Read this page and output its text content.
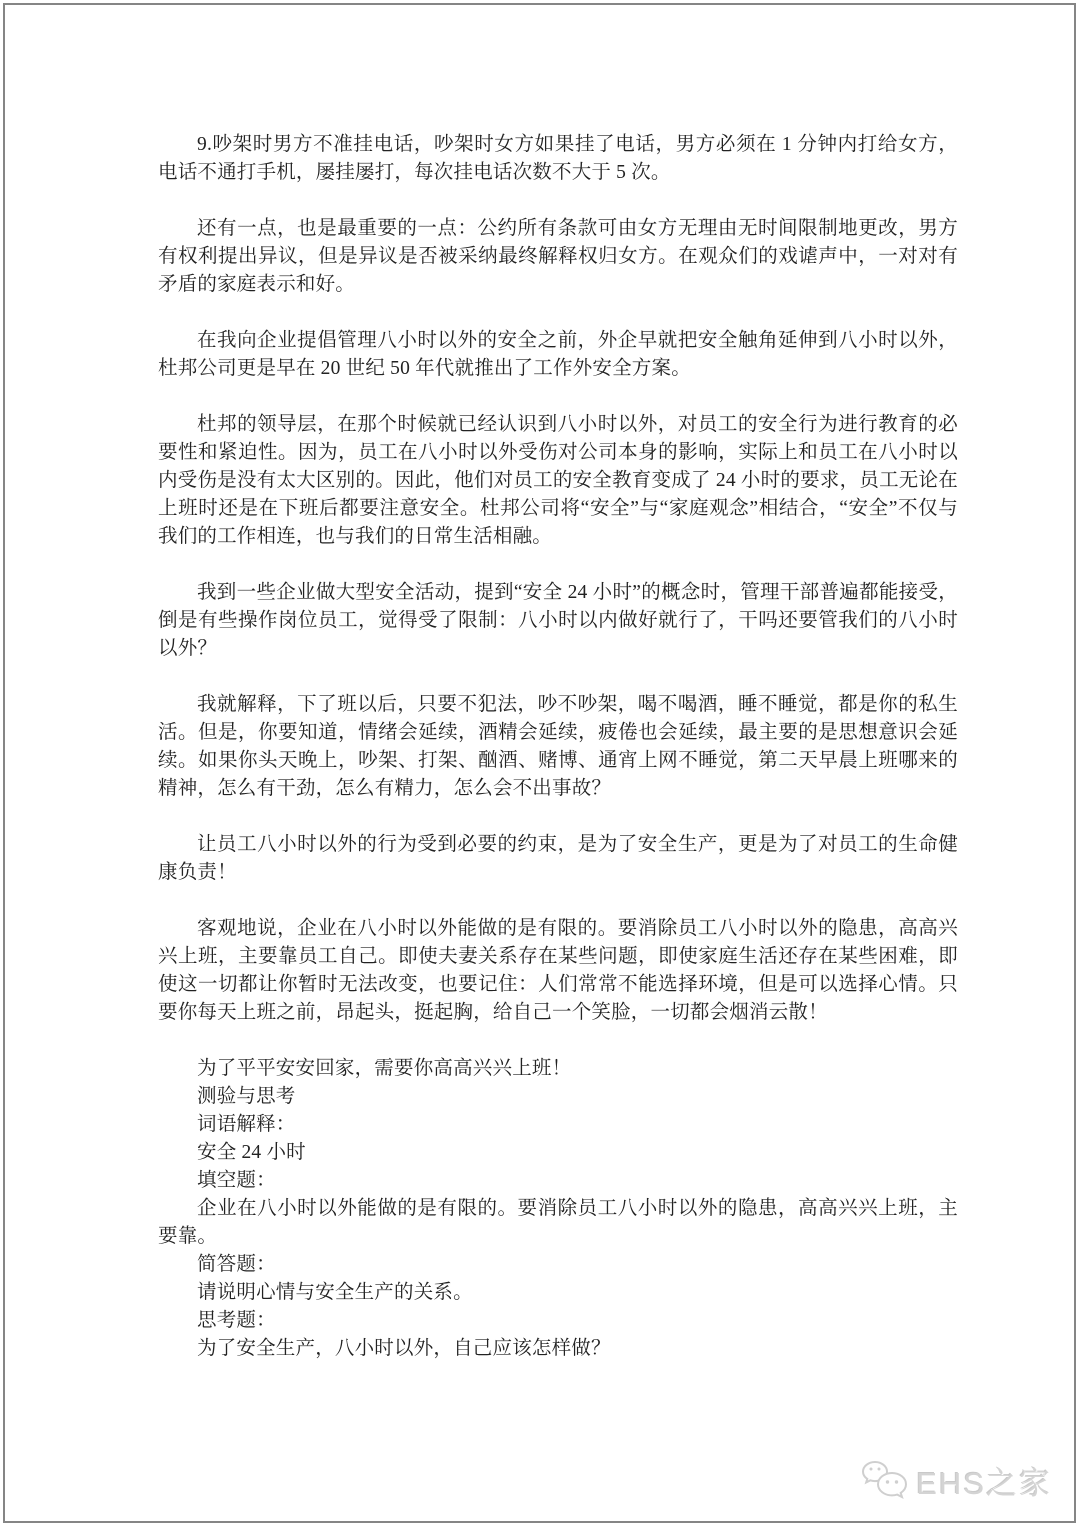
9.吵架时男方不准挂电话，吵架时女方如果挂了电话，男方必须在 1 分钟内打给女方，电话不通打手机，屡挂屡打，每次挂电话次数不大于 5 次。

还有一点，也是最重要的一点：公约所有条款可由女方无理由无时间限制地更改，男方有权利提出异议，但是异议是否被采纳最终解释权归女方。在观众们的戏谑声中，一对对有矛盾的家庭表示和好。

在我向企业提倡管理八小时以外的安全之前，外企早就把安全触角延伸到八小时以外，杜邦公司更是早在 20 世纪 50 年代就推出了工作外安全方案。

杜邦的领导层，在那个时候就已经认识到八小时以外，对员工的安全行为进行教育的必要性和紧迫性。因为，员工在八小时以外受伤对公司本身的影响，实际上和员工在八小时以内受伤是没有太大区别的。因此，他们对员工的安全教育变成了 24 小时的要求，员工无论在上班时还是在下班后都要注意安全。杜邦公司将“安全”与“家庭观念”相结合，“安全”不仅与我们的工作相连，也与我们的日常生活相融。

我到一些企业做大型安全活动，提到“安全 24 小时”的概念时，管理干部普遍都能接受，倒是有些操作岗位员工，觉得受了限制：八小时以内做好就行了，干吗还要管我们的八小时以外？

我就解释，下了班以后，只要不犯法，吵不吵架，喝不喝酒，睡不睡觉，都是你的私生活。但是，你要知道，情绪会延续，酒精会延续，疲倦也会延续，最主要的是思想意识会延续。如果你头天晚上，吵架、打架、酗酒、赌博、通宵上网不睡觉，第二天早晨上班哪来的精神，怎么有干劲，怎么有精力，怎么会不出事故？

让员工八小时以外的行为受到必要的约束，是为了安全生产，更是为了对员工的生命健康负责！

客观地说，企业在八小时以外能做的是有限的。要消除员工八小时以外的隐患，高高兴兴上班，主要靠员工自己。即使夫妻关系存在某些问题，即使家庭生活还存在某些困难，即使这一切都让你暂时无法改变，也要记住：人们常常不能选择环境，但是可以选择心情。只要你每天上班之前，昂起头，挺起胸，给自己一个笑脸，一切都会烟消云散！

为了平平安安回家，需要你高高兴兴上班！

测验与思考

词语解释：

安全 24 小时

填空题：

企业在八小时以外能做的是有限的。要消除员工八小时以外的隐患，高高兴兴上班，主要靠。

简答题：

请说明心情与安全生产的关系。

思考题：

为了安全生产，八小时以外，自己应该怎样做？

EHS之家
